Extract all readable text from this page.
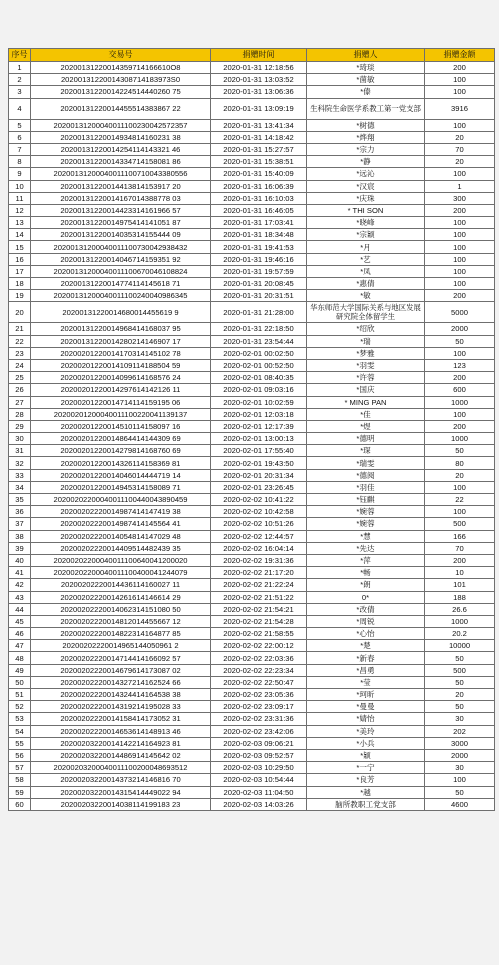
序号	交易号	捐赠时间	捐赠人	捐赠金额
1	20200131220014359714166610O8	2020-01-31 12:18:56	*琦琰	200
2	20200131220014308714183973S0	2020-01-31 13:03:52	*菌敏	100
3	20200131220014224514440260 75	2020-01-31 13:06:36	*傣	100
4	20200131220014455514383867 22	2020-01-31 13:09:19	生科院生命医学系教工第一党支部	3916
5	20200131200040011100230042572357	2020-01-31 13:41:34	*树德	100
6	20200131220014934814160231 38	2020-01-31 14:18:42	*烨翔	20
7	20200131220014254114143321 46	2020-01-31 15:27:57	*宗力	70
8	20200131220014334714158081 86	2020-01-31 15:38:51	*静	20
9	20200131200040011100710043380556	2020-01-31 15:40:09	*远沁	100
10	20200131220014413814153917 20	2020-01-31 16:06:39	*汉宸	1
11	20200131220014167014388778 03	2020-01-31 16:10:03	*庆珠	300
12	20200131220014423314161966 57	2020-01-31 16:46:05	* THI SON	200
13	20200131220014975414141051 87	2020-01-31 17:03:41	*晓峰	100
14	20200131220014035314155444 09	2020-01-31 18:34:48	*宗颖	100
15	20200131200040011100730042938432	2020-01-31 19:41:53	*月	100
16	20200131220014046714159351 92	2020-01-31 19:46:16	*艺	100
17	20200131200040011100670046108824	2020-01-31 19:57:59	*凤	100
18	20200131220014774114145618 71	2020-01-31 20:08:45	*惠倩	100
19	20200131200040011100240040986345	2020-01-31 20:31:51	*敏	200
20	20200131220014680014455619 9	2020-01-31 21:28:00	华东师范大学国际关系与地区发展研究院全体留学生	5000
21	20200131220014968414168037 95	2020-01-31 22:18:50	*绍欣	2000
22	20200131220014280214146907 17	2020-01-31 23:54:44	*瑞	50
23	20200201220014170314145102 78	2020-02-01 00:02:50	*梦雅	100
24	20200201220014109114188504 59	2020-02-01 00:52:50	*羽雯	123
25	20200201220014099614168576 24	2020-02-01 08:40:35	*许蓉	200
26	20200201220014297614142126 11	2020-02-01 09:03:16	*国庆	600
27	20200201220014714114159195 06	2020-02-01 10:02:59	* MING PAN	1000
28	20200201200040011100220041139137	2020-02-01 12:03:18	*佳	100
29	20200201220014510114158097 16	2020-02-01 12:17:39	*煜	200
30	20200201220014864414144309 69	2020-02-01 13:00:13	*德明	1000
31	20200201220014279814168760 69	2020-02-01 17:55:40	*琛	50
32	20200201220014326114158369 81	2020-02-01 19:43:50	*瑞雯	80
33	20200201220014046014444719 14	2020-02-01 20:31:34	*德阅	20
34	20200201220014945314158089 71	2020-02-01 23:26:45	*羽佳	100
35	20200202200040011100440043890459	2020-02-02 10:41:22	*钰麒	22
36	20200202220014987414147419 38	2020-02-02 10:42:58	*婉蓉	100
37	20200202220014987414145564 41	2020-02-02 10:51:26	*婉蓉	500
38	20200202220014054814147029 48	2020-02-02 12:44:57	*慧	166
39	20200202220014409514482439 35	2020-02-02 16:04:14	*先达	70
40	20200202200040011100640041200020	2020-02-02 19:31:36	*萍	200
41	20200202200040011100400041244079	2020-02-02 21:17:20	*畅	10
42	20200202220014436114160027 11	2020-02-02 21:22:24	*朗	101
43	20200202220014261614146614 29	2020-02-02 21:51:22	0*	188
44	20200202220014062314151080 50	2020-02-02 21:54:21	*改倩	26.6
45	20200202220014812014455667 12	2020-02-02 21:54:28	*周锐	1000
46	20200202220014822314164877 85	2020-02-02 21:58:55	*心怡	20.2
47	20200202220014965144050961 2	2020-02-02 22:00:12	*楚	10000
48	20200202220014714414166092 57	2020-02-02 22:03:36	*新春	50
49	20200202220014679614173087 02	2020-02-02 22:23:34	*昌勇	500
50	20200202220014327214162524 66	2020-02-02 22:50:47	*莹	50
51	20200202220014324414164538 38	2020-02-02 23:05:36	*珂昕	20
52	20200202220014319214195028 33	2020-02-02 23:09:17	*曼曼	50
53	20200202220014158414173052 31	2020-02-02 23:31:36	*婧怡	30
54	20200202220014653614148913 46	2020-02-02 23:42:06	*美玲	202
55	20200203220014142214164923 81	2020-02-03 09:06:21	*小兵	3000
56	20200203220014486914145642 02	2020-02-03 09:52:57	*颖	2000
57	20200203200040011100200048693512	2020-02-03 10:29:50	*一宁	30
58	20200203220014373214146816 70	2020-02-03 10:54:44	*良芳	100
59	20200203220014315414449022 94	2020-02-03 11:04:50	*越	50
60	20200203220014038114199183 23	2020-02-03 14:03:26	脑所教职工党支部	4600
